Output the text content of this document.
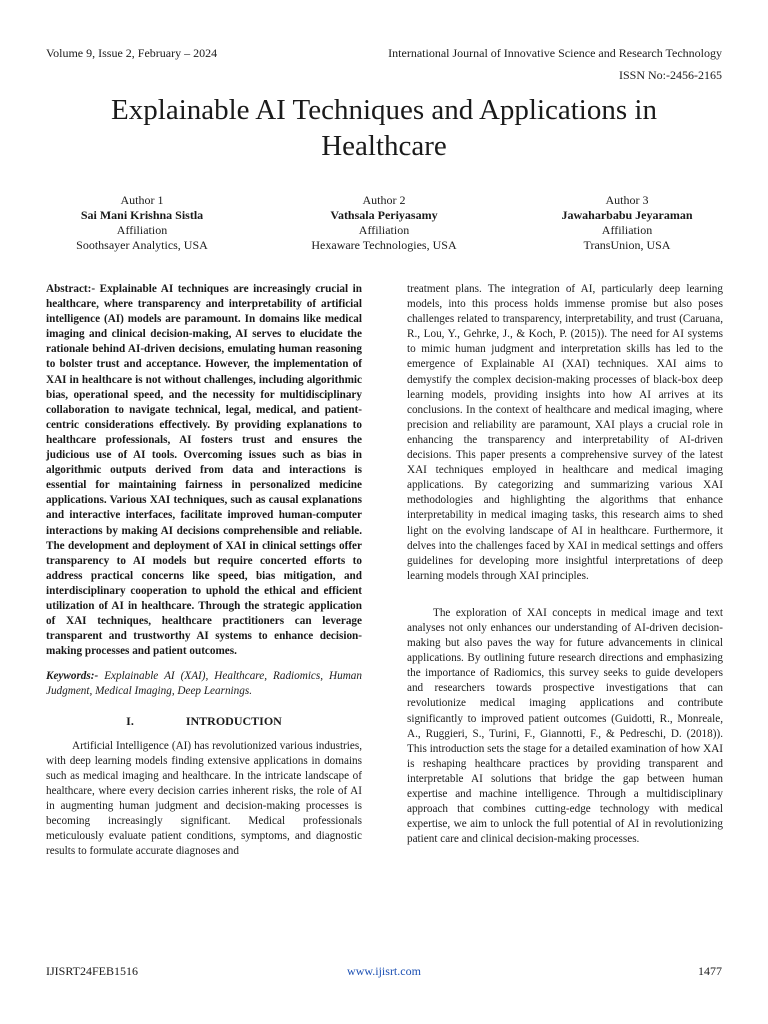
Volume 9, Issue 2, February – 2024	International Journal of Innovative Science and Research Technology
ISSN No:-2456-2165
Explainable AI Techniques and Applications in Healthcare
Author 1
Sai Mani Krishna Sistla
Affiliation
Soothsayer Analytics, USA
Author 2
Vathsala Periyasamy
Affiliation
Hexaware Technologies, USA
Author 3
Jawaharbabu Jeyaraman
Affiliation
TransUnion, USA

Abstract:- Explainable AI techniques are increasingly crucial in healthcare, where transparency and interpretability of artificial intelligence (AI) models are paramount. In domains like medical imaging and clinical decision-making, AI serves to elucidate the rationale behind AI-driven decisions, emulating human reasoning to bolster trust and acceptance. However, the implementation of XAI in healthcare is not without challenges, including algorithmic bias, operational speed, and the necessity for multidisciplinary collaboration to navigate technical, legal, medical, and patient-centric considerations effectively. By providing explanations to healthcare professionals, AI fosters trust and ensures the judicious use of AI tools. Overcoming issues such as bias in algorithmic outputs derived from data and interactions is essential for maintaining fairness in personalized medicine applications. Various XAI techniques, such as causal explanations and interactive interfaces, facilitate improved human-computer interactions by making AI decisions comprehensible and reliable. The development and deployment of XAI in clinical settings offer transparency to AI models but require concerted efforts to address practical concerns like speed, bias mitigation, and interdisciplinary cooperation to uphold the ethical and efficient utilization of AI in healthcare. Through the strategic application of XAI techniques, healthcare practitioners can leverage transparent and trustworthy AI systems to enhance decision-making processes and patient outcomes.

Keywords:- Explainable AI (XAI), Healthcare, Radiomics, Human Judgment, Medical Imaging, Deep Learnings.

I.	INTRODUCTION

Artificial Intelligence (AI) has revolutionized various industries, with deep learning models finding extensive applications in domains such as medical imaging and healthcare. In the intricate landscape of healthcare, where every decision carries inherent risks, the role of AI in augmenting human judgment and decision-making processes is becoming increasingly significant. Medical professionals meticulously evaluate patient conditions, symptoms, and diagnostic results to formulate accurate diagnoses and

treatment plans. The integration of AI, particularly deep learning models, into this process holds immense promise but also poses challenges related to transparency, interpretability, and trust (Caruana, R., Lou, Y., Gehrke, J., & Koch, P. (2015)). The need for AI systems to mimic human judgment and interpretation skills has led to the emergence of Explainable AI (XAI) techniques. XAI aims to demystify the complex decision-making processes of black-box deep learning models, providing insights into how AI arrives at its conclusions. In the context of healthcare and medical imaging, where precision and reliability are paramount, XAI plays a crucial role in enhancing the transparency and interpretability of AI-driven decisions. This paper presents a comprehensive survey of the latest XAI techniques employed in healthcare and medical imaging applications. By categorizing and summarizing various XAI methodologies and highlighting the algorithms that enhance interpretability in medical imaging tasks, this research aims to shed light on the evolving landscape of AI in healthcare. Furthermore, it delves into the challenges faced by XAI in medical settings and offers guidelines for developing more insightful interpretations of deep learning models through XAI principles.

The exploration of XAI concepts in medical image and text analyses not only enhances our understanding of AI-driven decision-making but also paves the way for future advancements in clinical applications. By outlining future research directions and emphasizing the importance of Radiomics, this survey seeks to guide developers and researchers towards prospective investigations that can revolutionize medical imaging applications and contribute significantly to improved patient outcomes (Guidotti, R., Monreale, A., Ruggieri, S., Turini, F., Giannotti, F., & Pedreschi, D. (2018)). This introduction sets the stage for a detailed examination of how XAI is reshaping healthcare practices by providing transparent and interpretable AI solutions that bridge the gap between human expertise and machine intelligence. Through a multidisciplinary approach that combines cutting-edge technology with medical expertise, we aim to unlock the full potential of AI in revolutionizing patient care and clinical decision-making processes.

IJISRT24FEB1516	www.ijisrt.com	1477
